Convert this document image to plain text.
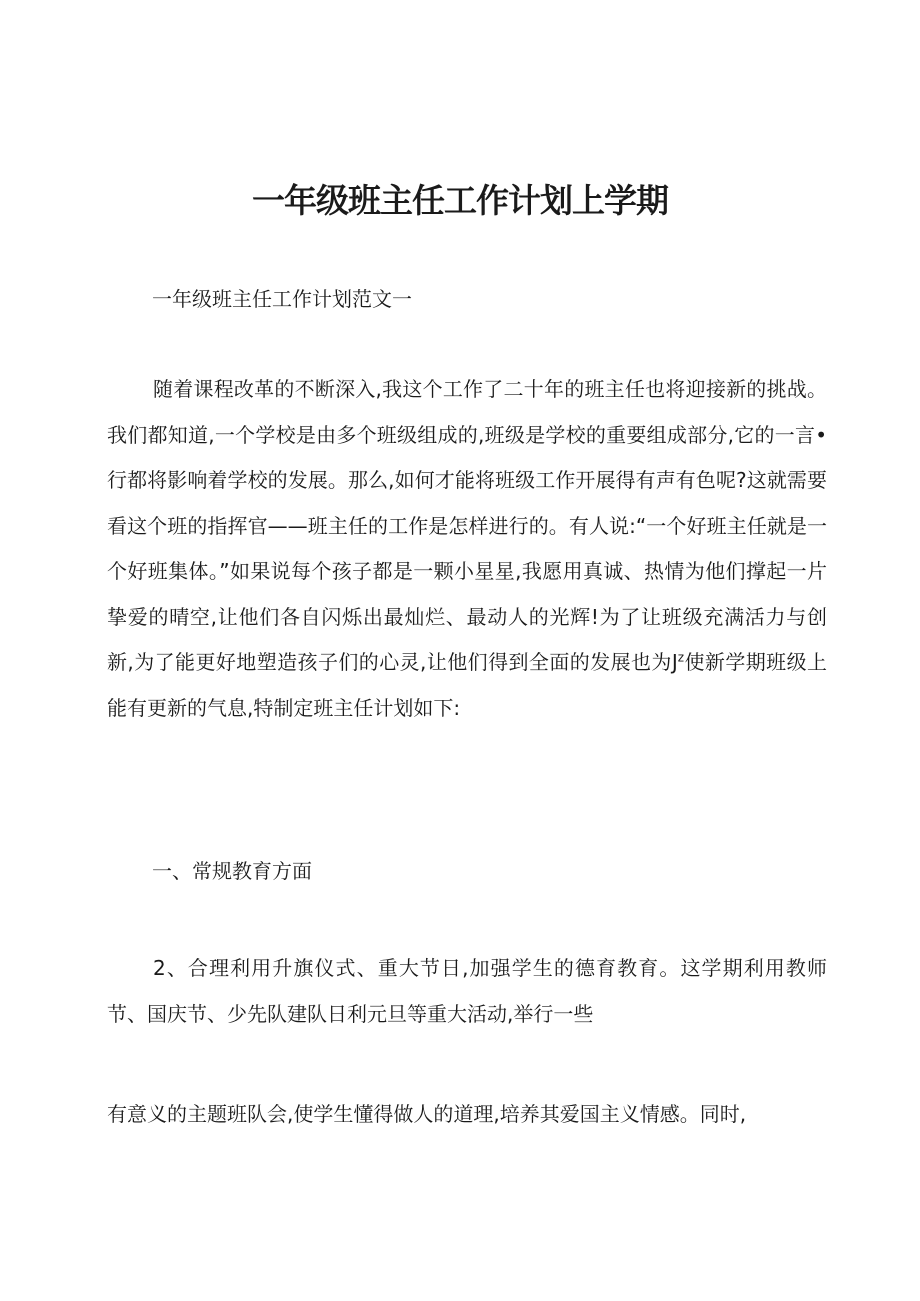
一年级班主任工作计划上学期

一年级班主任工作计划范文一

随着课程改革的不断深入,我这个工作了二十年的班主任也将迎接新的挑战。我们都知道,一个学校是由多个班级组成的,班级是学校的重要组成部分,它的一言•行都将影响着学校的发展。那么,如何才能将班级工作开展得有声有色呢?这就需要看这个班的指挥官——班主任的工作是怎样进行的。有人说:“一个好班主任就是一个好班集体。”如果说每个孩子都是一颗小星星,我愿用真诚、热情为他们撑起一片挚爱的晴空,让他们各自闪烁出最灿烂、最动人的光辉!为了让班级充满活力与创新,为了能更好地塑造孩子们的心灵,让他们得到全面的发展也为$J^z$使新学期班级上能有更新的气息,特制定班主任计划如下:

一、常规教育方面

2、合理利用升旗仪式、重大节日,加强学生的德育教育。这学期利用教师节、国庆节、少先队建队日利元旦等重大活动,举行一些

有意义的主题班队会,使学生懂得做人的道理,培养其爱国主义情感。同时,
